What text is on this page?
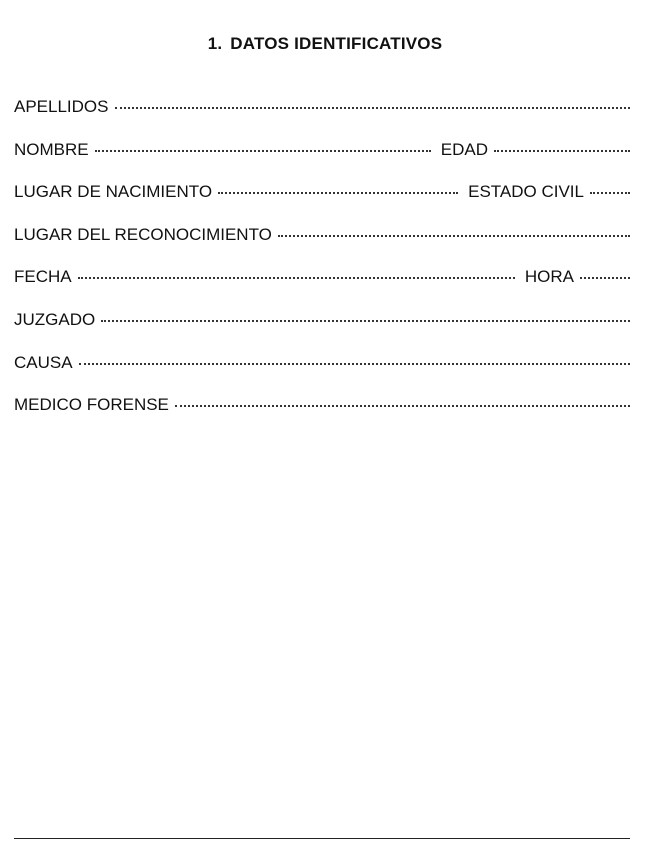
1. DATOS IDENTIFICATIVOS
APELLIDOS
NOMBRE	EDAD
LUGAR DE NACIMIENTO	ESTADO CIVIL
LUGAR DEL RECONOCIMIENTO
FECHA	HORA
JUZGADO
CAUSA
MEDICO FORENSE
